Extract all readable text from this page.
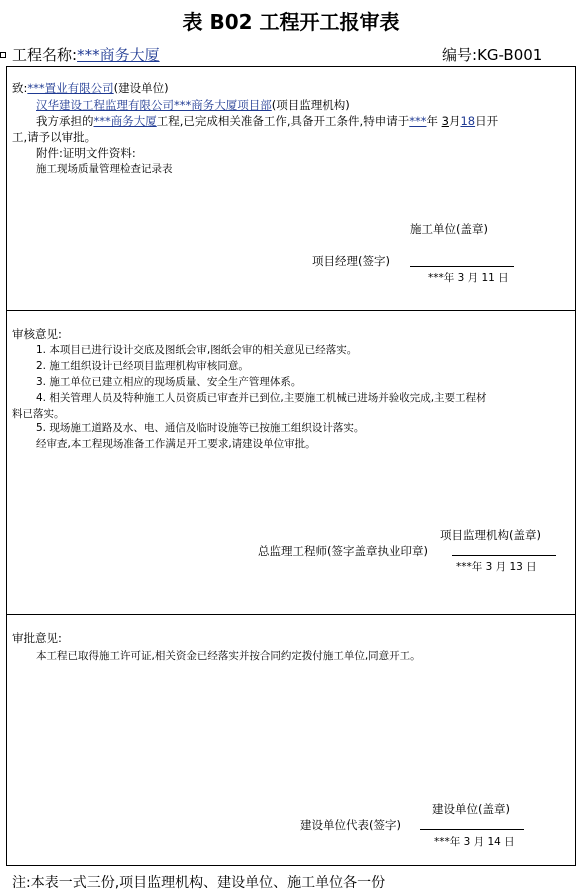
表 B02 工程开工报审表
工程名称:***商务大厦	编号:KG-B001
致:***置业有限公司(建设单位)
汉华建设工程监理有限公司***商务大厦项目部(项目监理机构)
我方承担的***商务大厦工程,已完成相关准备工作,具备开工条件,特申请于***年 3月18日开
工,请予以审批。
附件:证明文件资料:
施工现场质量管理检查记录表
施工单位(盖章)
项目经理(签字)
***年 3 月 11 日
审核意见:
1. 本项目已进行设计交底及图纸会审,图纸会审的相关意见已经落实。
2. 施工组织设计已经项目监理机构审核同意。
3. 施工单位已建立相应的现场质量、安全生产管理体系。
4. 相关管理人员及特种施工人员资质已审查并已到位,主要施工机械已进场并验收完成,主要工程材
料已落实。
5. 现场施工道路及水、电、通信及临时设施等已按施工组织设计落实。
经审查,本工程现场准备工作满足开工要求,请建设单位审批。
项目监理机构(盖章)
总监理工程师(签字盖章执业印章)
***年 3 月 13 日
审批意见:
本工程已取得施工许可证,相关资金已经落实并按合同约定拨付施工单位,同意开工。
建设单位(盖章)
建设单位代表(签字)
***年 3 月 14 日
注:本表一式三份,项目监理机构、建设单位、施工单位各一份
